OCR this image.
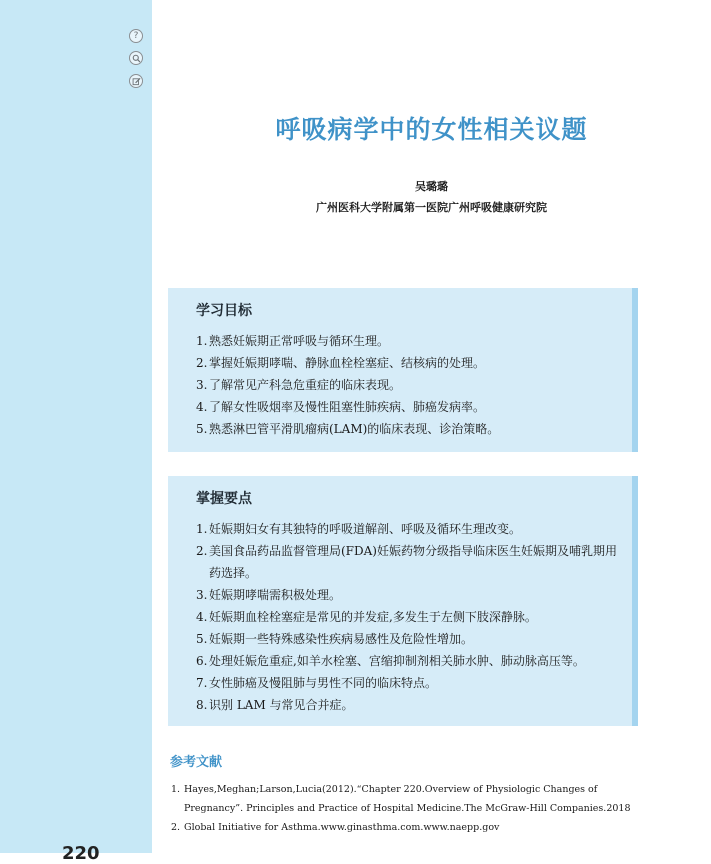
?
220
呼吸病学中的女性相关议题
吴璐璐
广州医科大学附属第一医院广州呼吸健康研究院
学习目标
1. 熟悉妊娠期正常呼吸与循环生理。
2. 掌握妊娠期哮喘、静脉血栓栓塞症、结核病的处理。
3. 了解常见产科急危重症的临床表现。
4. 了解女性吸烟率及慢性阻塞性肺疾病、肺癌发病率。
5. 熟悉淋巴管平滑肌瘤病(LAM)的临床表现、诊治策略。
掌握要点
1. 妊娠期妇女有其独特的呼吸道解剖、呼吸及循环生理改变。
2. 美国食品药品监督管理局(FDA)妊娠药物分级指导临床医生妊娠期及哺乳期用药选择。
3. 妊娠期哮喘需积极处理。
4. 妊娠期血栓栓塞症是常见的并发症,多发生于左侧下肢深静脉。
5. 妊娠期一些特殊感染性疾病易感性及危险性增加。
6. 处理妊娠危重症,如羊水栓塞、宫缩抑制剂相关肺水肿、肺动脉高压等。
7. 女性肺癌及慢阻肺与男性不同的临床特点。
8. 识别 LAM 与常见合并症。
参考文献
1. Hayes,Meghan;Larson,Lucia(2012).“Chapter 220.Overview of Physiologic Changes of Pregnancy”. Principles and Practice of Hospital Medicine.The McGraw-Hill Companies.2018
2. Global Initiative for Asthma.www.ginasthma.com.www.naepp.gov
